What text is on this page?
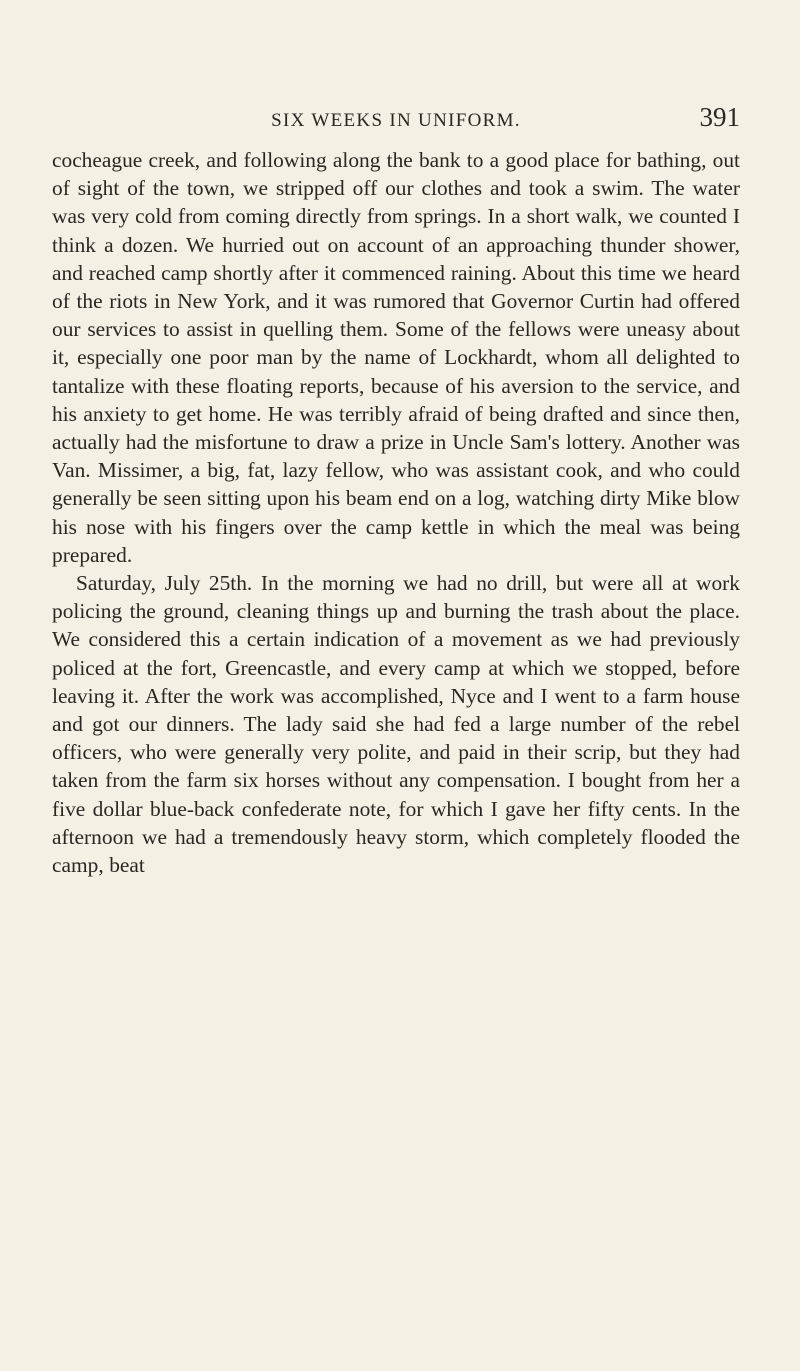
SIX WEEKS IN UNIFORM.	391

cocheague creek, and following along the bank to a good place for bathing, out of sight of the town, we stripped off our clothes and took a swim. The water was very cold from coming directly from springs. In a short walk, we counted I think a dozen. We hurried out on account of an approaching thunder shower, and reached camp shortly after it commenced raining. About this time we heard of the riots in New York, and it was rumored that Governor Curtin had offered our services to assist in quelling them. Some of the fellows were uneasy about it, especially one poor man by the name of Lockhardt, whom all delighted to tantalize with these floating reports, because of his aversion to the service, and his anxiety to get home. He was terribly afraid of being drafted and since then, actually had the misfortune to draw a prize in Uncle Sam's lottery. Another was Van. Missimer, a big, fat, lazy fellow, who was assistant cook, and who could generally be seen sitting upon his beam end on a log, watching dirty Mike blow his nose with his fingers over the camp kettle in which the meal was being prepared.

Saturday, July 25th. In the morning we had no drill, but were all at work policing the ground, cleaning things up and burning the trash about the place. We considered this a certain indication of a movement as we had previously policed at the fort, Greencastle, and every camp at which we stopped, before leaving it. After the work was accomplished, Nyce and I went to a farm house and got our dinners. The lady said she had fed a large number of the rebel officers, who were generally very polite, and paid in their scrip, but they had taken from the farm six horses without any compensation. I bought from her a five dollar blue-back confederate note, for which I gave her fifty cents. In the afternoon we had a tremendously heavy storm, which completely flooded the camp, beat
